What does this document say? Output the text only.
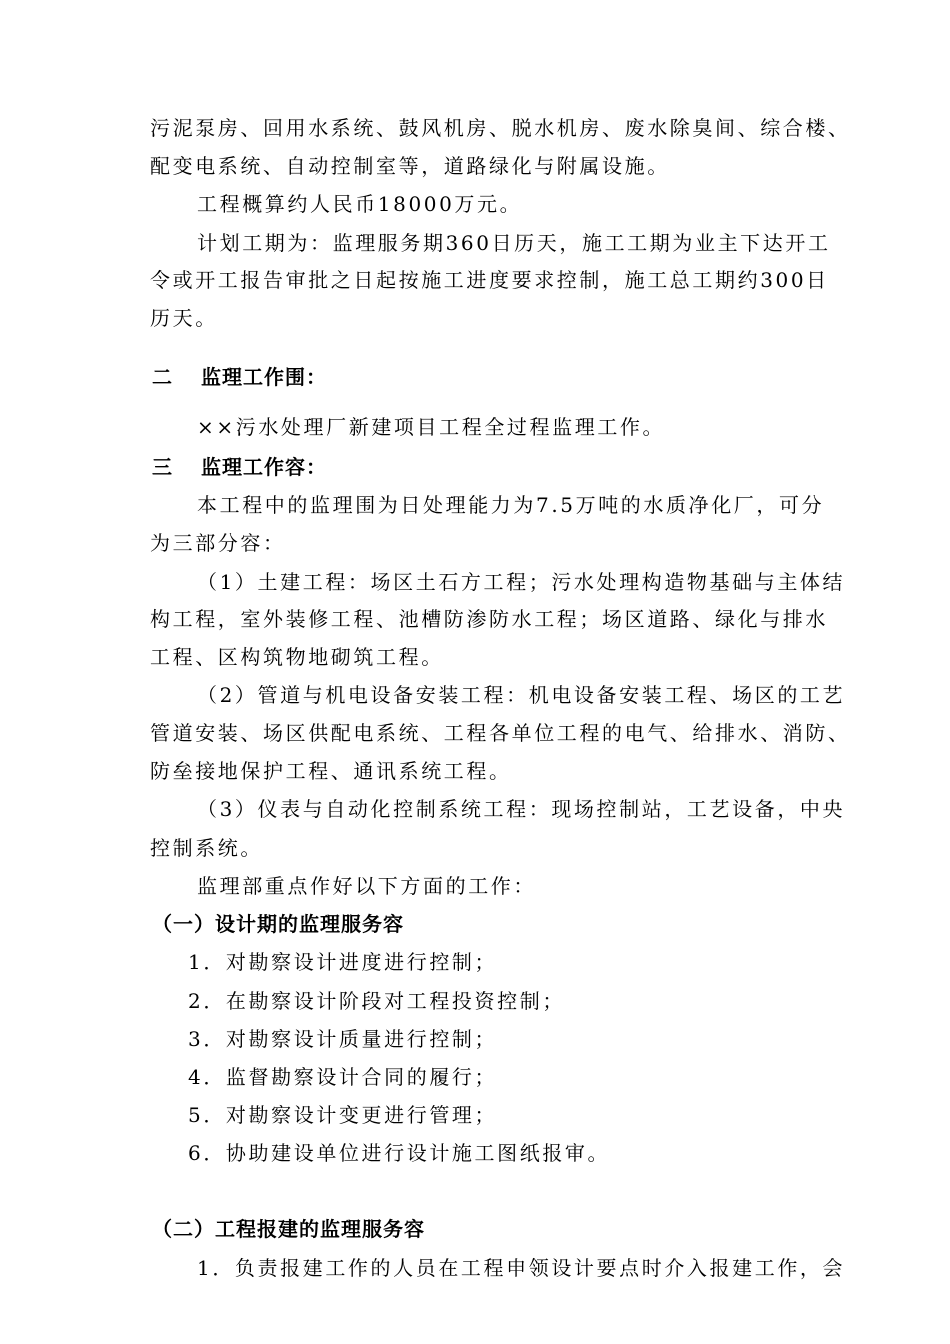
污泥泵房、回用水系统、鼓风机房、脱水机房、废水除臭间、综合楼、
配变电系统、自动控制室等，道路绿化与附属设施。
工程概算约人民币18000万元。
计划工期为：监理服务期360日历天，施工工期为业主下达开工
令或开工报告审批之日起按施工进度要求控制，施工总工期约300日
历天。
二 监理工作围：
××污水处理厂新建项目工程全过程监理工作。
三 监理工作容：
本工程中的监理围为日处理能力为7.5万吨的水质净化厂，可分
为三部分容：
（1）土建工程：场区土石方工程；污水处理构造物基础与主体结
构工程，室外装修工程、池槽防渗防水工程；场区道路、绿化与排水
工程、区构筑物地砌筑工程。
（2）管道与机电设备安装工程：机电设备安装工程、场区的工艺
管道安装、场区供配电系统、工程各单位工程的电气、给排水、消防、
防垒接地保护工程、通讯系统工程。
（3）仪表与自动化控制系统工程：现场控制站，工艺设备，中央
控制系统。
监理部重点作好以下方面的工作：
（一）设计期的监理服务容
1．对勘察设计进度进行控制；
2．在勘察设计阶段对工程投资控制；
3．对勘察设计质量进行控制；
4．监督勘察设计合同的履行；
5．对勘察设计变更进行管理；
6．协助建设单位进行设计施工图纸报审。
（二）工程报建的监理服务容
1．负责报建工作的人员在工程申领设计要点时介入报建工作，会
